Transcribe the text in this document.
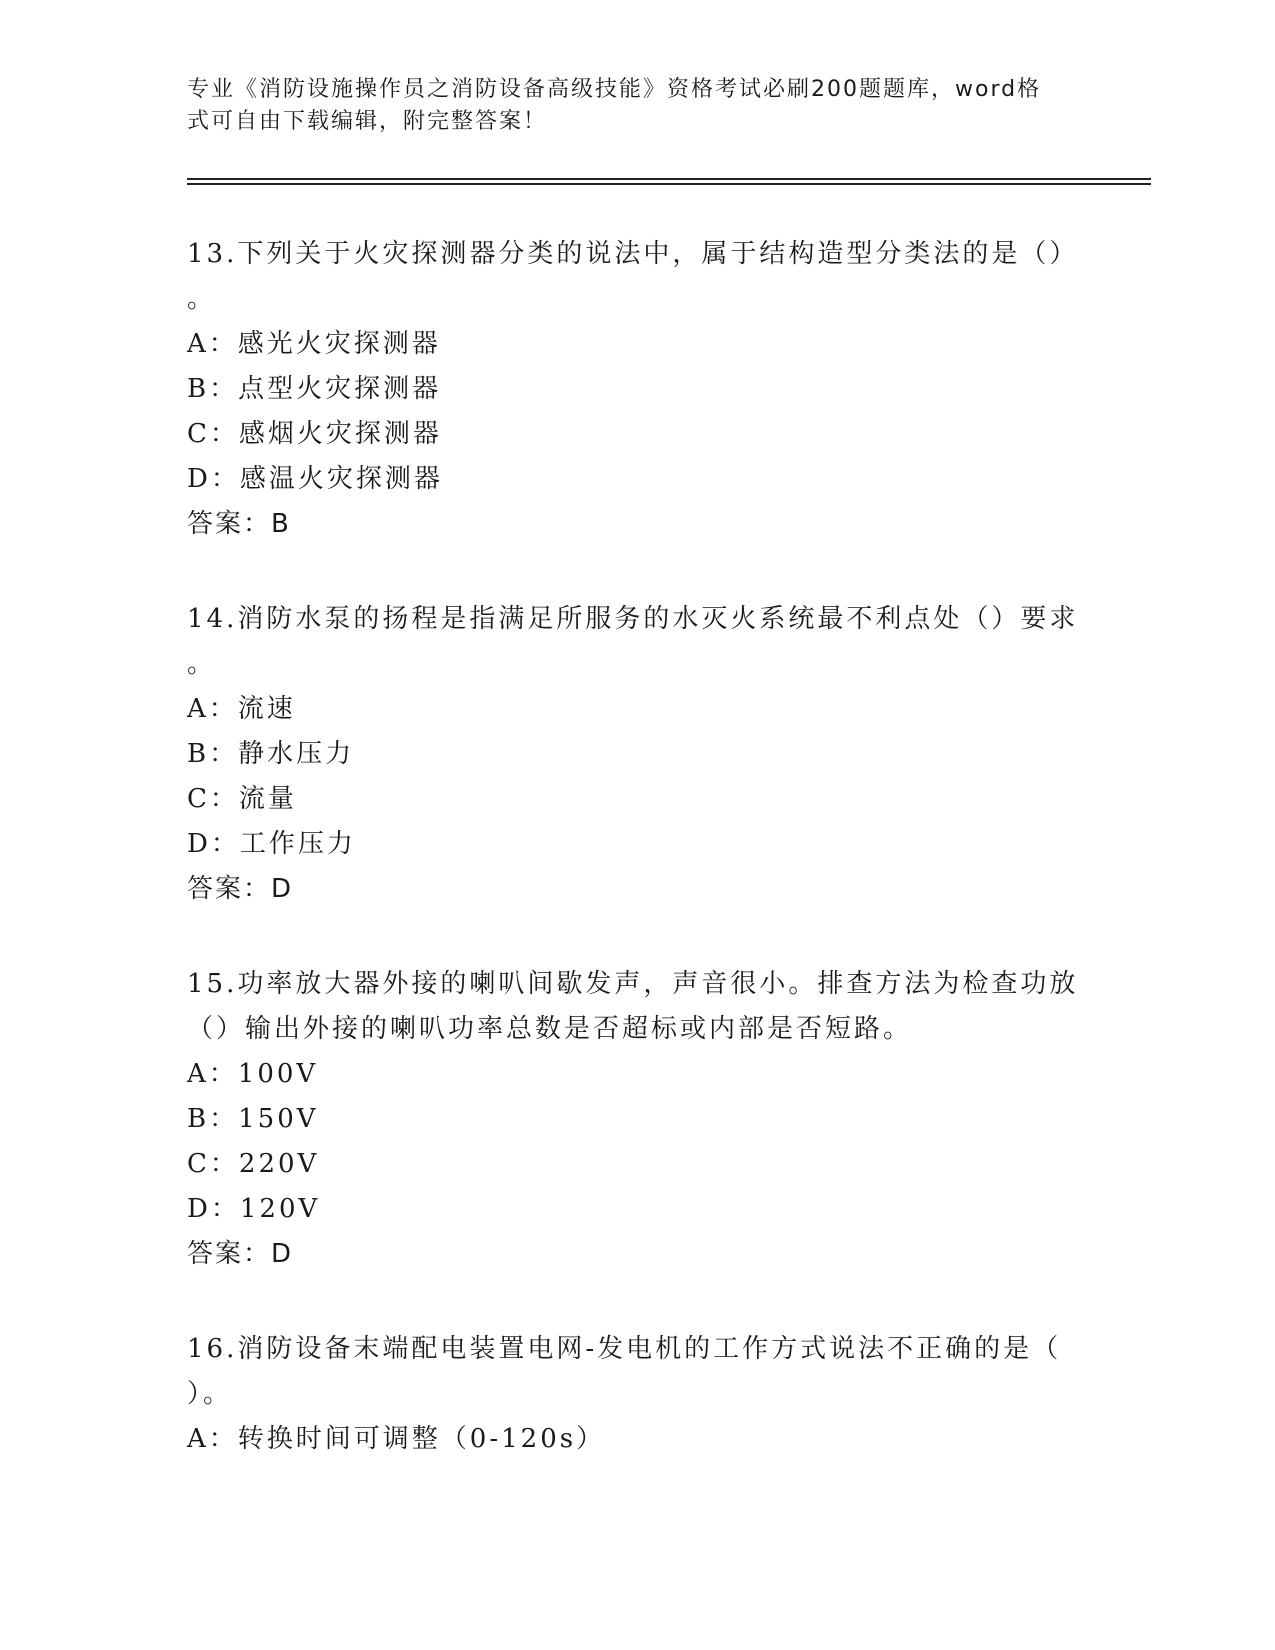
专业《消防设施操作员之消防设备高级技能》资格考试必刷200题题库，word格
式可自由下载编辑，附完整答案！

13.下列关于火灾探测器分类的说法中，属于结构造型分类法的是（）

。

A：感光火灾探测器

B：点型火灾探测器

C：感烟火灾探测器

D：感温火灾探测器

答案：B

14.消防水泵的扬程是指满足所服务的水灭火系统最不利点处（）要求

。

A：流速

B：静水压力

C：流量

D：工作压力

答案：D

15.功率放大器外接的喇叭间歇发声，声音很小。排查方法为检查功放

（）输出外接的喇叭功率总数是否超标或内部是否短路。

A：100V

B：150V

C：220V

D：120V

答案：D

16.消防设备末端配电装置电网-发电机的工作方式说法不正确的是（

）。

A：转换时间可调整（0-120s）
